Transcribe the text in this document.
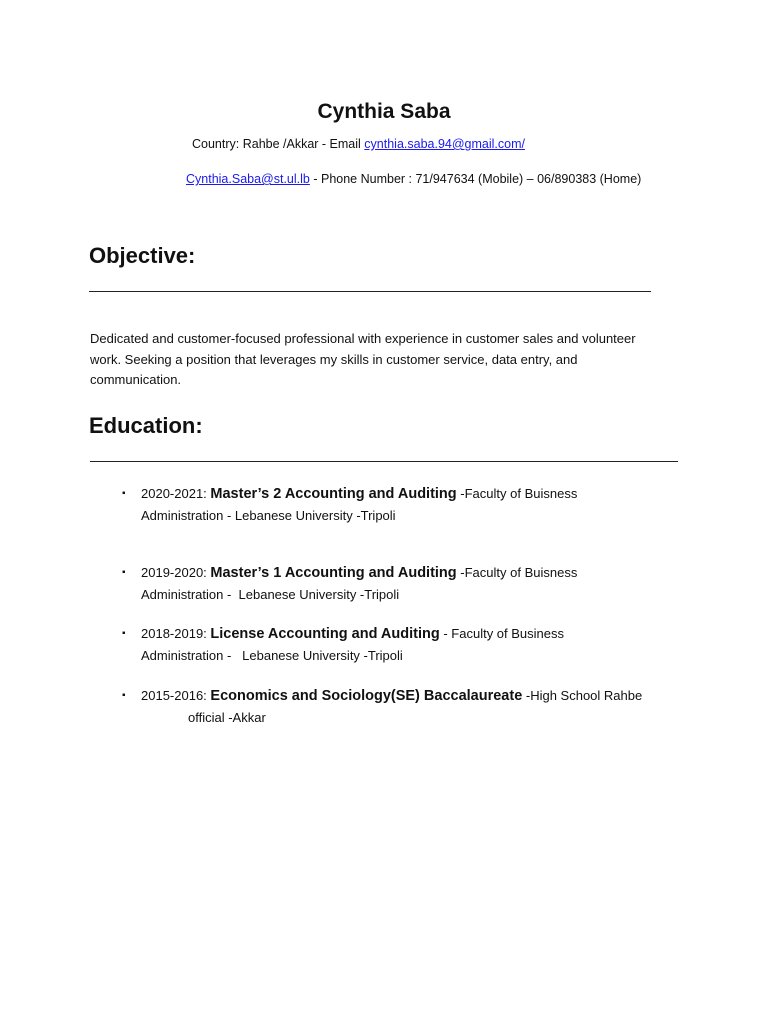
Cynthia Saba
Country: Rahbe /Akkar - Email cynthia.saba.94@gmail.com/
Cynthia.Saba@st.ul.lb - Phone Number : 71/947634 (Mobile) – 06/890383 (Home)
Objective:
Dedicated and customer-focused professional with experience in customer sales and volunteer work. Seeking a position that leverages my skills in customer service, data entry, and communication.
Education:
▪ 2020-2021: Master’s 2 Accounting and Auditing -Faculty of Buisness
Administration - Lebanese University -Tripoli
▪ 2019-2020: Master’s 1 Accounting and Auditing -Faculty of Buisness
Administration -  Lebanese University -Tripoli
▪ 2018-2019: License Accounting and Auditing - Faculty of Business
Administration -   Lebanese University -Tripoli
▪ 2015-2016: Economics and Sociology(SE) Baccalaureate -High School Rahbe
official -Akkar
